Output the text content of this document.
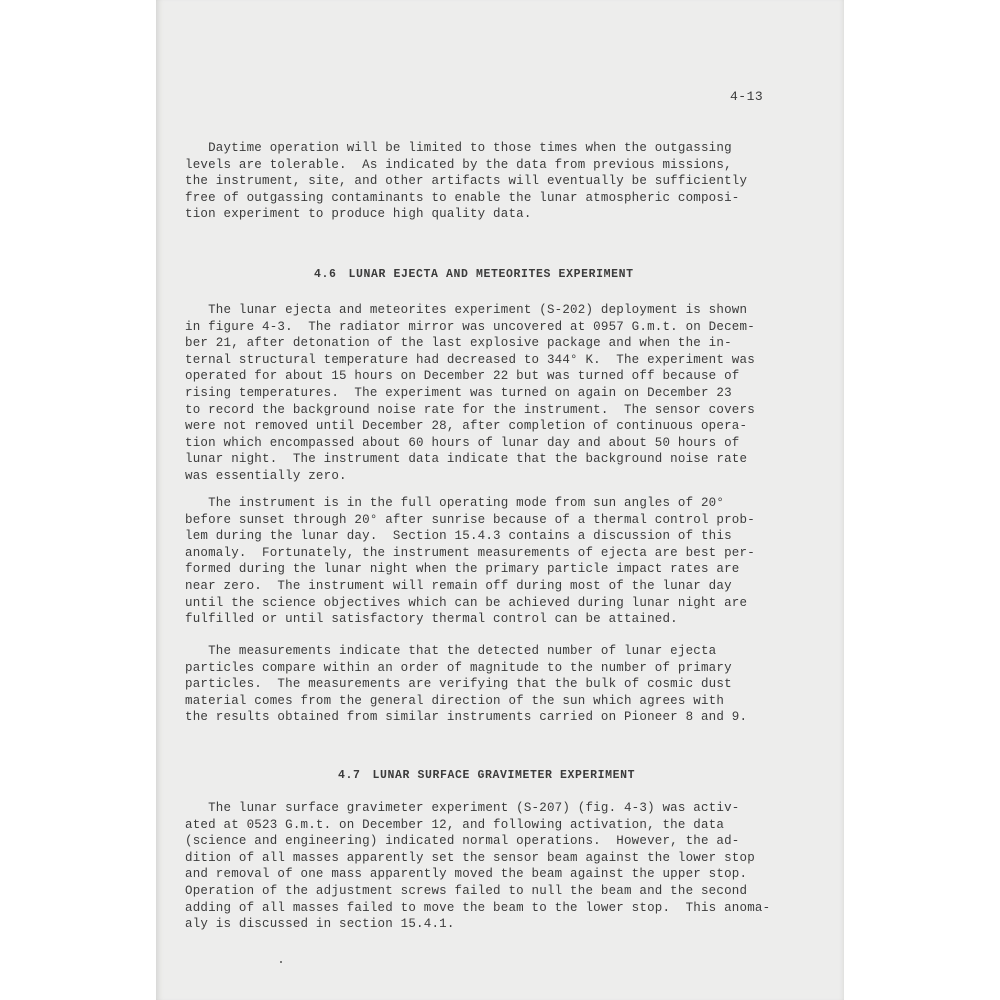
4-13

Daytime operation will be limited to those times when the outgassing
levels are tolerable.  As indicated by the data from previous missions,
the instrument, site, and other artifacts will eventually be sufficiently
free of outgassing contaminants to enable the lunar atmospheric composi-
tion experiment to produce high quality data.

4.6 LUNAR EJECTA AND METEORITES EXPERIMENT

The lunar ejecta and meteorites experiment (S-202) deployment is shown
in figure 4-3.  The radiator mirror was uncovered at 0957 G.m.t. on Decem-
ber 21, after detonation of the last explosive package and when the in-
ternal structural temperature had decreased to 344° K.  The experiment was
operated for about 15 hours on December 22 but was turned off because of
rising temperatures.  The experiment was turned on again on December 23
to record the background noise rate for the instrument.  The sensor covers
were not removed until December 28, after completion of continuous opera-
tion which encompassed about 60 hours of lunar day and about 50 hours of
lunar night.  The instrument data indicate that the background noise rate
was essentially zero.

The instrument is in the full operating mode from sun angles of 20°
before sunset through 20° after sunrise because of a thermal control prob-
lem during the lunar day.  Section 15.4.3 contains a discussion of this
anomaly.  Fortunately, the instrument measurements of ejecta are best per-
formed during the lunar night when the primary particle impact rates are
near zero.  The instrument will remain off during most of the lunar day
until the science objectives which can be achieved during lunar night are
fulfilled or until satisfactory thermal control can be attained.

The measurements indicate that the detected number of lunar ejecta
particles compare within an order of magnitude to the number of primary
particles.  The measurements are verifying that the bulk of cosmic dust
material comes from the general direction of the sun which agrees with
the results obtained from similar instruments carried on Pioneer 8 and 9.

4.7 LUNAR SURFACE GRAVIMETER EXPERIMENT

The lunar surface gravimeter experiment (S-207) (fig. 4-3) was activ-
ated at 0523 G.m.t. on December 12, and following activation, the data
(science and engineering) indicated normal operations.  However, the ad-
dition of all masses apparently set the sensor beam against the lower stop
and removal of one mass apparently moved the beam against the upper stop.
Operation of the adjustment screws failed to null the beam and the second
adding of all masses failed to move the beam to the lower stop.  This anoma-
aly is discussed in section 15.4.1.
